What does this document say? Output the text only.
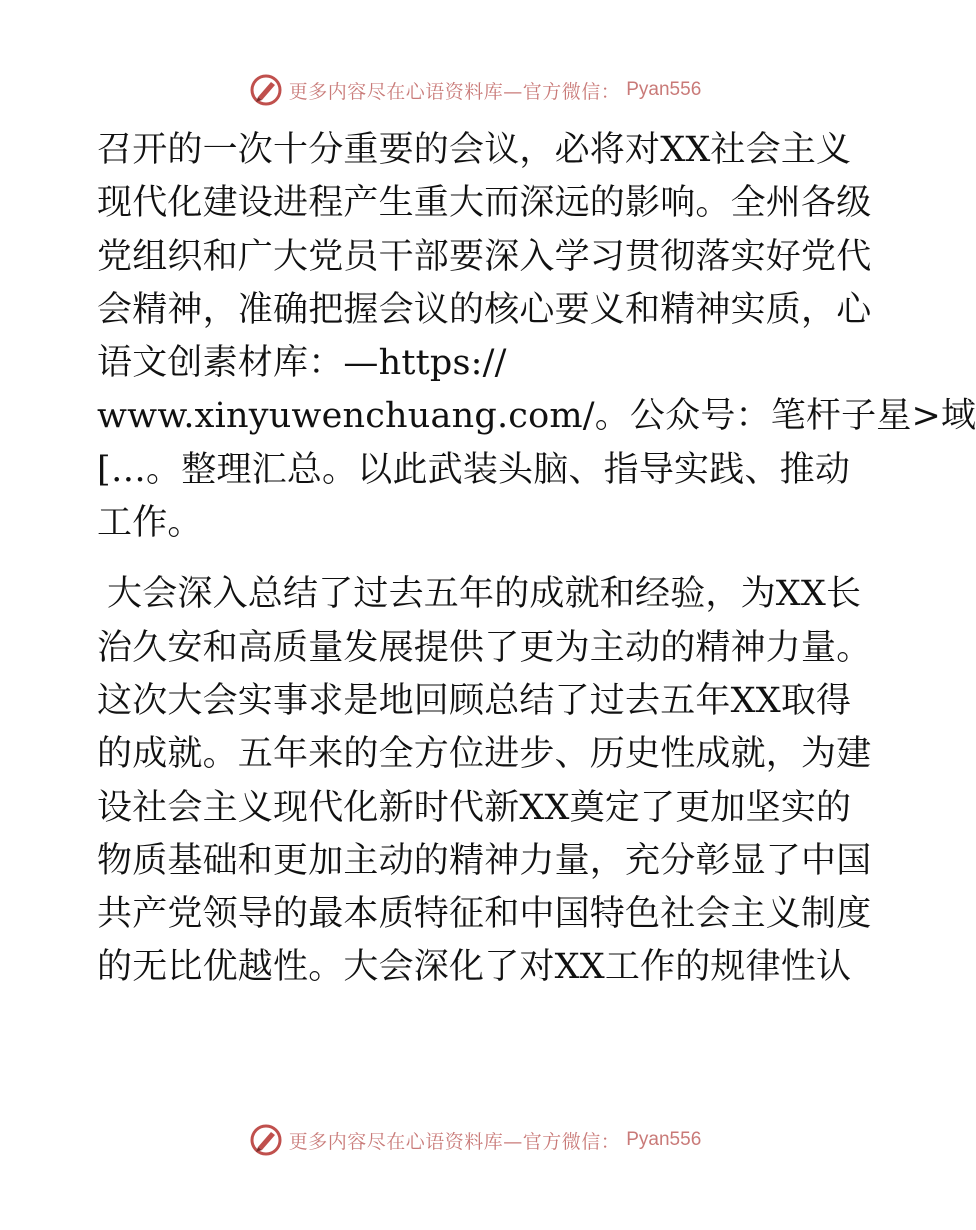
更多内容尽在心语资料库—官方微信： Pyan556

召开的一次十分重要的会议，必将对XX社会主义
现代化建设进程产生重大而深远的影响。全州各级
党组织和广大党员干部要深入学习贯彻落实好党代
会精神，准确把握会议的核心要义和精神实质，心
语文创素材库：—https://
www.xinyuwenchuang.com/。公众号：笔杆子星>域
[…。整理汇总。以此武装头脑、指导实践、推动
工作。

大会深入总结了过去五年的成就和经验，为XX长
治久安和高质量发展提供了更为主动的精神力量。
这次大会实事求是地回顾总结了过去五年XX取得
的成就。五年来的全方位进步、历史性成就，为建
设社会主义现代化新时代新XX奠定了更加坚实的
物质基础和更加主动的精神力量，充分彰显了中国
共产党领导的最本质特征和中国特色社会主义制度
的无比优越性。大会深化了对XX工作的规律性认

更多内容尽在心语资料库—官方微信： Pyan556
